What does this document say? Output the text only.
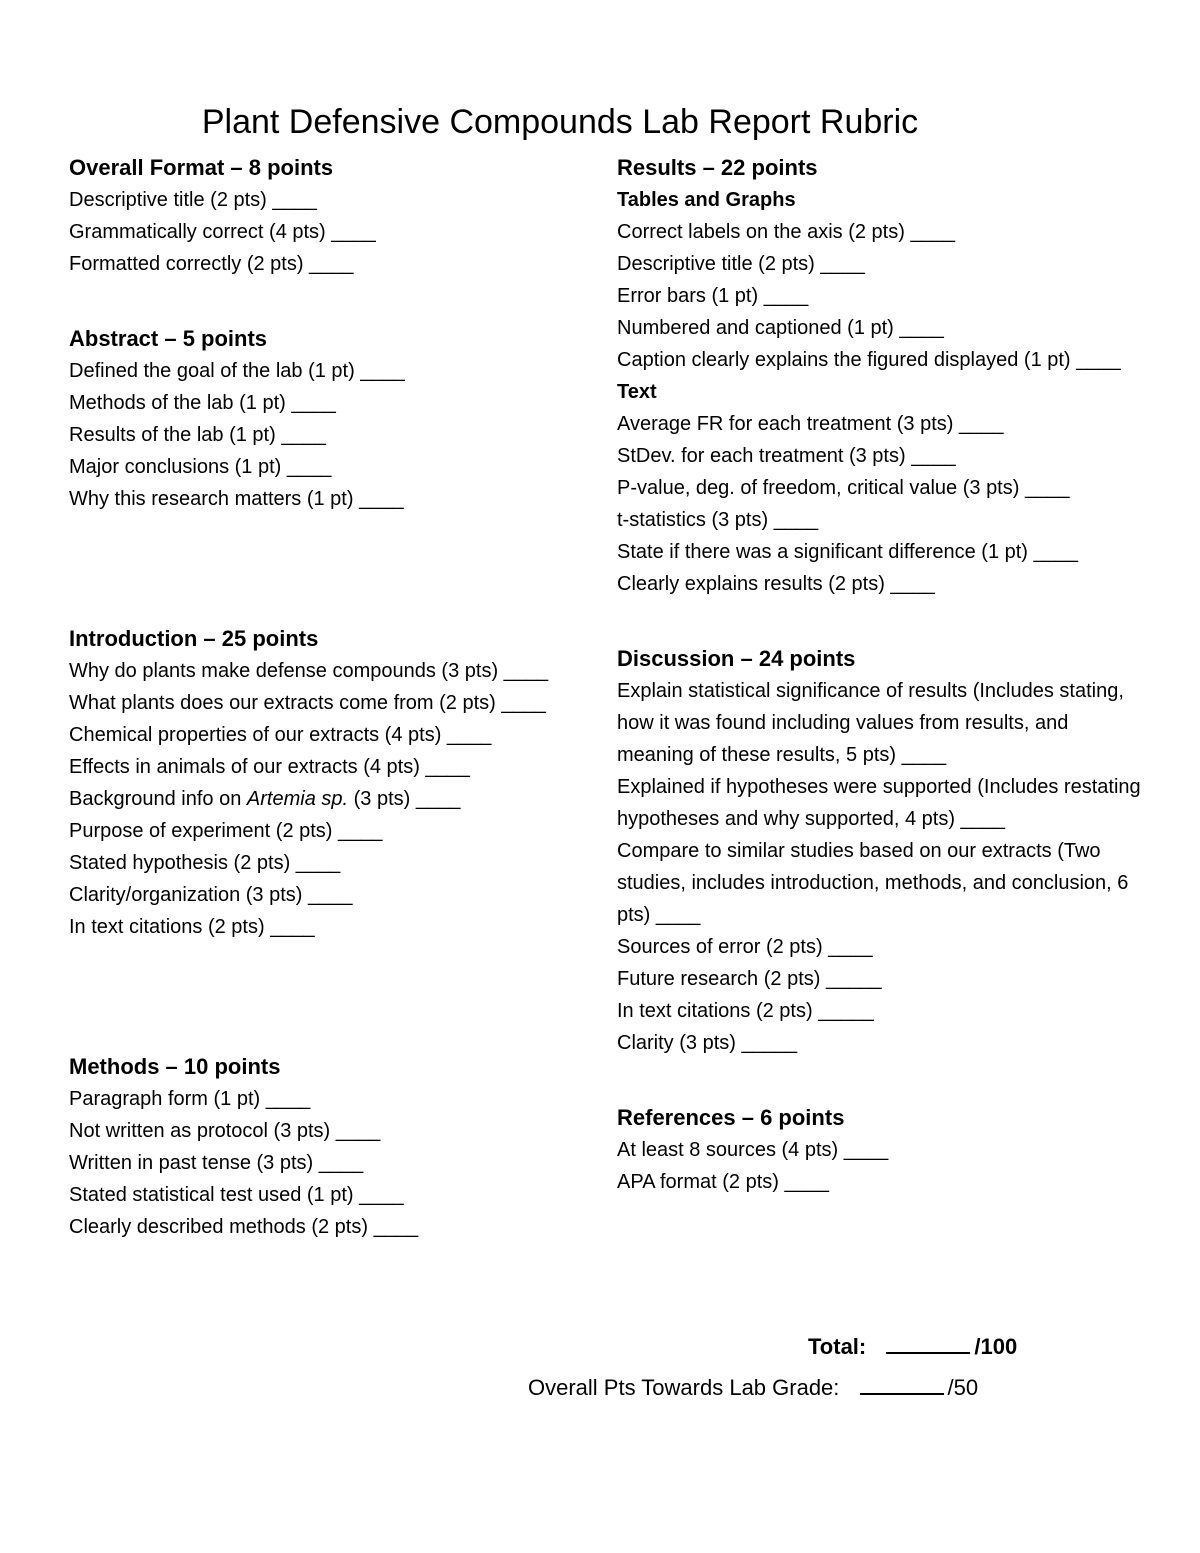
Plant Defensive Compounds Lab Report Rubric

Overall Format – 8 points

Descriptive title (2 pts) ____

Grammatically correct (4 pts) ____

Formatted correctly (2 pts) ____

Abstract – 5 points

Defined the goal of the lab (1 pt) ____

Methods of the lab (1 pt) ____

Results of the lab (1 pt) ____

Major conclusions (1 pt) ____

Why this research matters (1 pt) ____

Introduction – 25 points

Why do plants make defense compounds (3 pts) ____

What plants does our extracts come from (2 pts) ____

Chemical properties of our extracts (4 pts) ____

Effects in animals of our extracts (4 pts) ____

Background info on Artemia sp. (3 pts) ____

Purpose of experiment (2 pts) ____

Stated hypothesis (2 pts) ____

Clarity/organization (3 pts) ____

In text citations (2 pts) ____

Methods – 10 points

Paragraph form (1 pt) ____

Not written as protocol (3 pts) ____

Written in past tense (3 pts) ____

Stated statistical test used (1 pt) ____

Clearly described methods (2 pts) ____

Results – 22 points

Tables and Graphs

Correct labels on the axis (2 pts) ____

Descriptive title (2 pts) ____

Error bars (1 pt) ____

Numbered and captioned (1 pt) ____

Caption clearly explains the figured displayed (1 pt) ____

Text

Average FR for each treatment (3 pts) ____

StDev. for each treatment (3 pts) ____

P-value, deg. of freedom, critical value (3 pts) ____

t-statistics (3 pts) ____

State if there was a significant difference (1 pt) ____

Clearly explains results (2 pts) ____

Discussion – 24 points

Explain statistical significance of results (Includes stating, how it was found including values from results, and meaning of these results, 5 pts) ____

Explained if hypotheses were supported (Includes restating hypotheses and why supported, 4 pts) ____

Compare to similar studies based on our extracts (Two studies, includes introduction, methods, and conclusion, 6 pts) ____

Sources of error (2 pts) ____

Future research (2 pts) _____

In text citations (2 pts) _____

Clarity (3 pts) _____

References – 6 points

At least 8 sources (4 pts) ____

APA format (2 pts) ____

Total:	/100
Overall Pts Towards Lab Grade:	/50
